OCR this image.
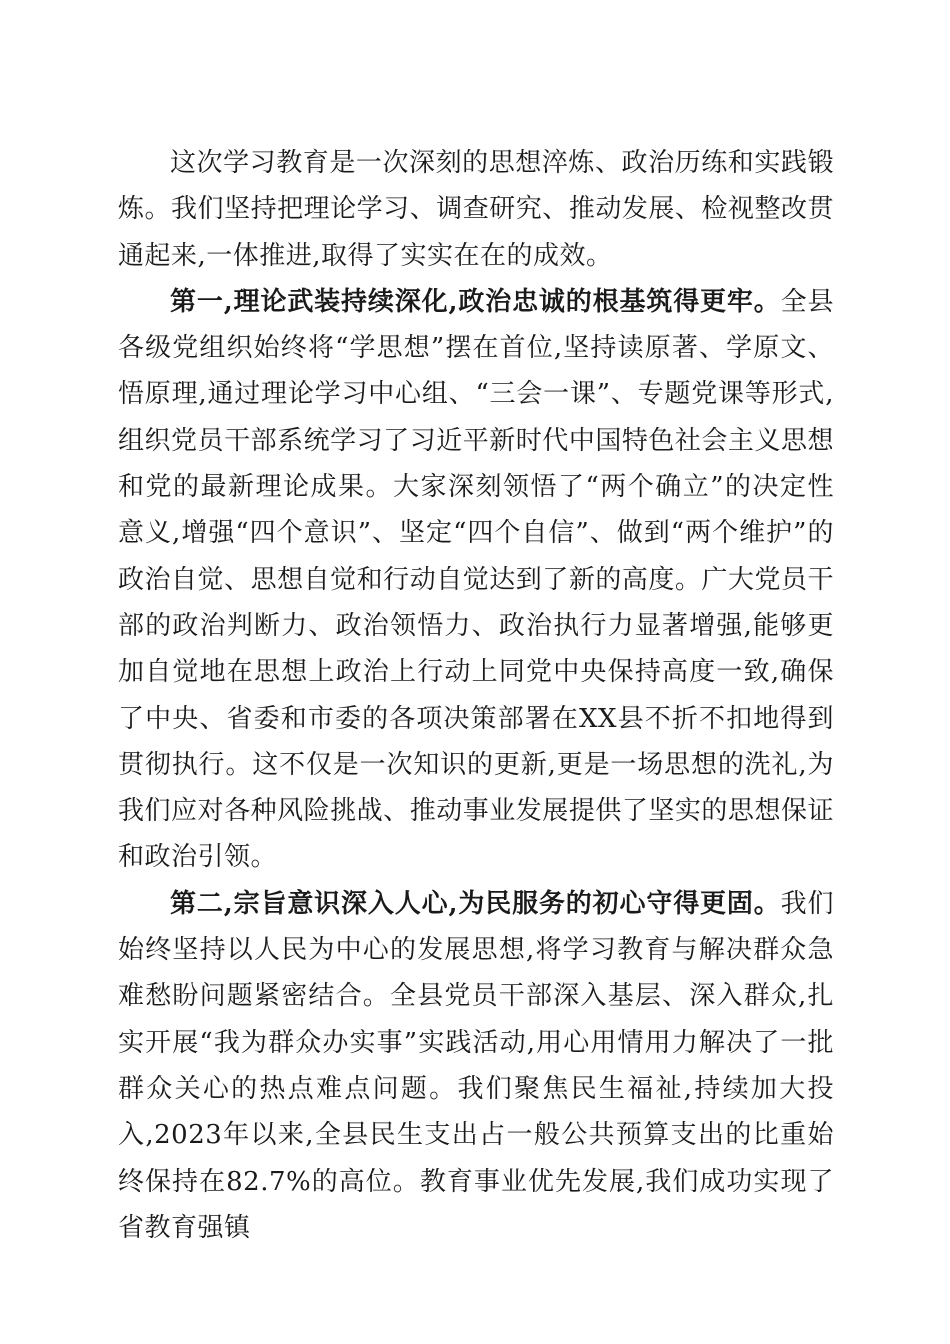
这次学习教育是一次深刻的思想淬炼、政治历练和实践锻炼。我们坚持把理论学习、调查研究、推动发展、检视整改贯通起来,一体推进,取得了实实在在的成效。

第一,理论武装持续深化,政治忠诚的根基筑得更牢。全县各级党组织始终将“学思想”摆在首位,坚持读原著、学原文、悟原理,通过理论学习中心组、“三会一课”、专题党课等形式,组织党员干部系统学习了习近平新时代中国特色社会主义思想和党的最新理论成果。大家深刻领悟了“两个确立”的决定性意义,增强“四个意识”、坚定“四个自信”、做到“两个维护”的政治自觉、思想自觉和行动自觉达到了新的高度。广大党员干部的政治判断力、政治领悟力、政治执行力显著增强,能够更加自觉地在思想上政治上行动上同党中央保持高度一致,确保了中央、省委和市委的各项决策部署在XX县不折不扣地得到贯彻执行。这不仅是一次知识的更新,更是一场思想的洗礼,为我们应对各种风险挑战、推动事业发展提供了坚实的思想保证和政治引领。

第二,宗旨意识深入人心,为民服务的初心守得更固。我们始终坚持以人民为中心的发展思想,将学习教育与解决群众急难愁盼问题紧密结合。全县党员干部深入基层、深入群众,扎实开展“我为群众办实事”实践活动,用心用情用力解决了一批群众关心的热点难点问题。我们聚焦民生福祉,持续加大投入,2023年以来,全县民生支出占一般公共预算支出的比重始终保持在82.7%的高位。教育事业优先发展,我们成功实现了省教育强镇
